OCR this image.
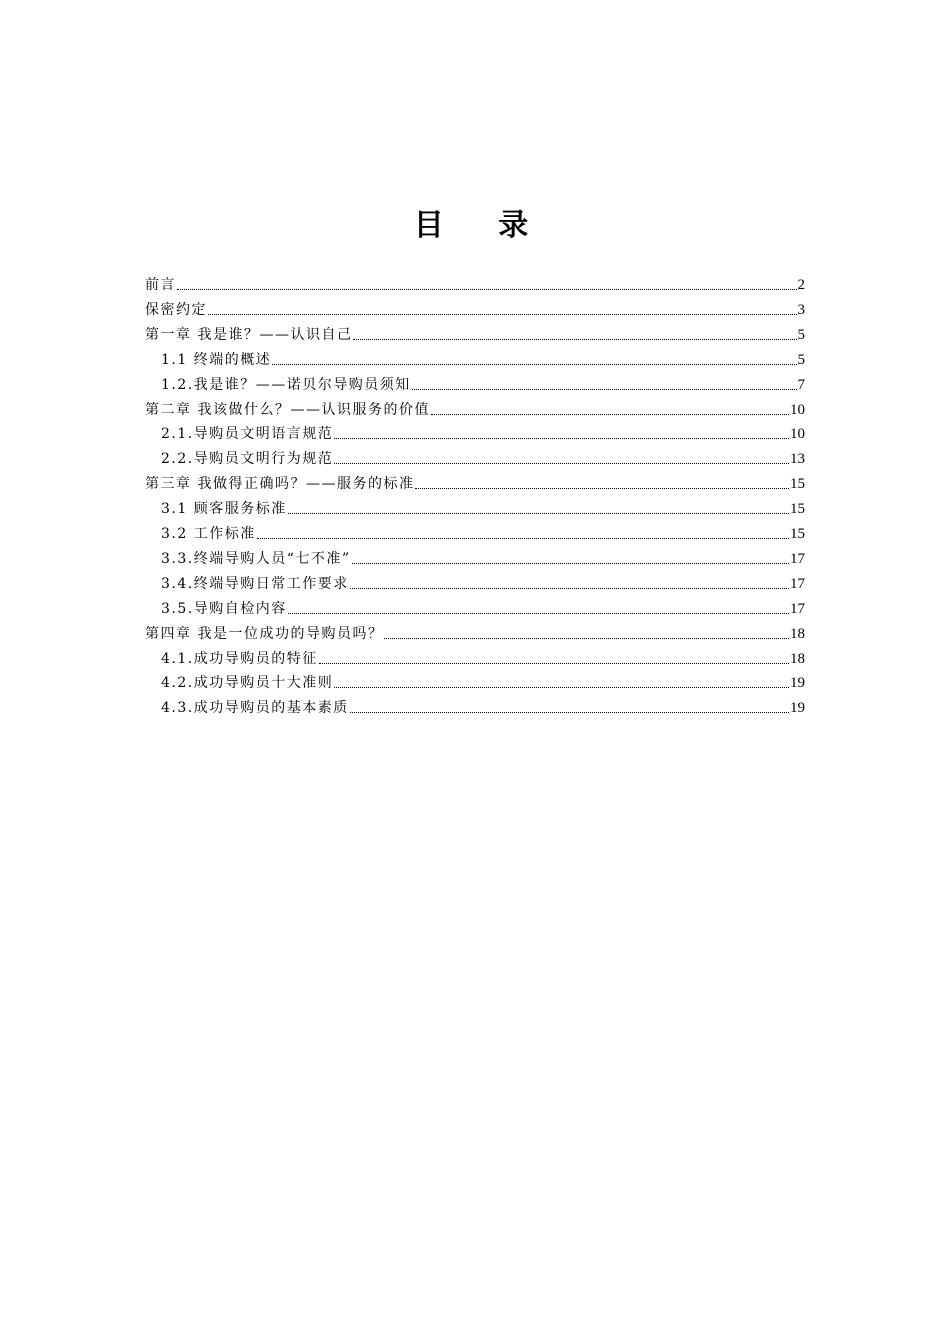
目 录
前言	2
保密约定	3
第一章 我是谁？——认识自己	5
1.1 终端的概述	5
1.2.我是谁？——诺贝尔导购员须知	7
第二章 我该做什么？——认识服务的价值	10
2.1.导购员文明语言规范	10
2.2.导购员文明行为规范	13
第三章 我做得正确吗？——服务的标准	15
3.1 顾客服务标准	15
3.2 工作标准	15
3.3.终端导购人员“七不准”	17
3.4.终端导购日常工作要求	17
3.5.导购自检内容	17
第四章 我是一位成功的导购员吗？	18
4.1.成功导购员的特征	18
4.2.成功导购员十大准则	19
4.3.成功导购员的基本素质	19
